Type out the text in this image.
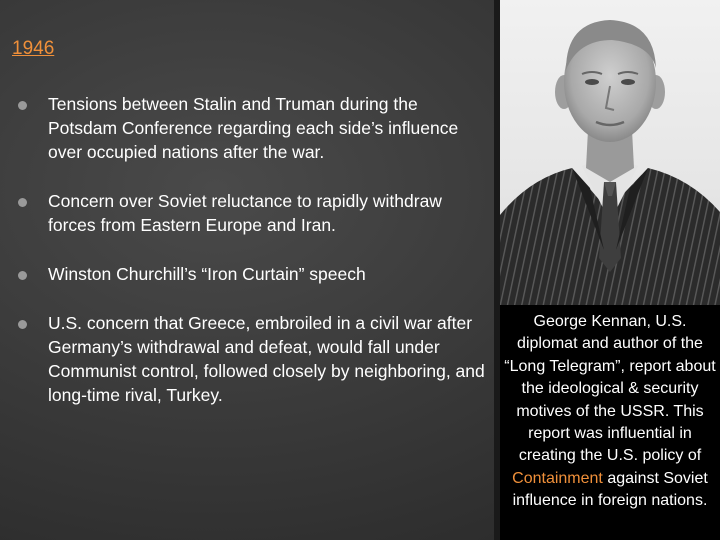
1946
Tensions between Stalin and Truman during the Potsdam Conference regarding each side’s influence over occupied nations after the war.
Concern over Soviet reluctance to rapidly withdraw forces from Eastern Europe and Iran.
Winston Churchill’s “Iron Curtain” speech
U.S. concern that Greece, embroiled in a civil war after Germany’s withdrawal and defeat, would fall under Communist control, followed closely by neighboring, and long-time rival, Turkey.
George Kennan, U.S. diplomat and author of the “Long Telegram”, report about the ideological & security motives of the USSR. This report was influential in creating the U.S. policy of Containment against Soviet influence in foreign nations.
